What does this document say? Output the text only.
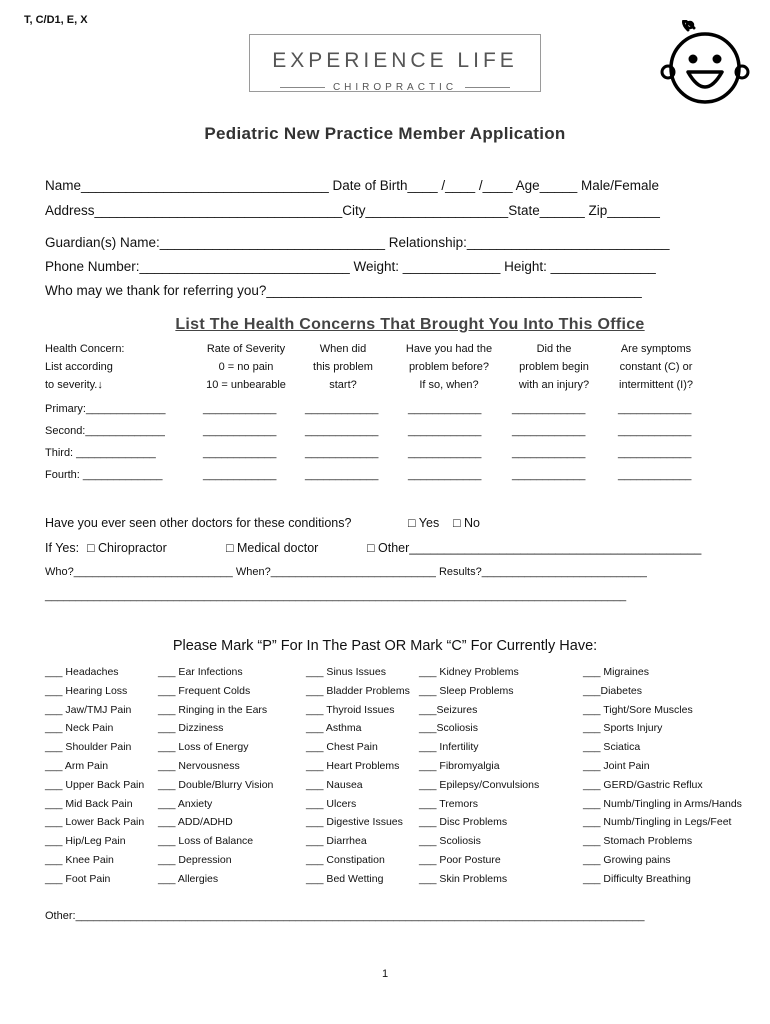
T, C/D1, E, X
EXPERIENCE LIFE
CHIROPRACTIC
Pediatric New Practice Member Application
Name_________________________________ Date of Birth____ /____ /____ Age_____ Male/Female
Address_________________________________City___________________State______ Zip_______
Guardian(s) Name:______________________________ Relationship:___________________________
Phone Number:____________________________ Weight: _____________ Height: ______________
Who may we thank for referring you?__________________________________________________
List The Health Concerns That Brought You Into This Office
Health Concern:
List according
to severity.↓
Rate of Severity
0 = no pain
10 = unbearable
When did
this problem
start?
Have you had the
problem before?
If so, when?
Did the
problem begin
with an injury?
Are symptoms
constant (C) or
intermittent (I)?
Primary:_____________	____________	____________	____________	____________	____________
Second:_____________	____________	____________	____________	____________	____________
Third: _____________	____________	____________	____________	____________	____________
Fourth: _____________	____________	____________	____________	____________	____________
Have you ever seen other doctors for these conditions?	□ Yes □ No
If Yes: □ Chiropractor	□ Medical doctor	□ Other__________________________________________
Who?__________________________ When?___________________________ Results?___________________________
_______________________________________________________________________________________________
Please Mark “P” For In The Past OR Mark “C” For Currently Have:
___ Headaches
___ Hearing Loss
___ Jaw/TMJ Pain
___ Neck Pain
___ Shoulder Pain
___ Arm Pain
___ Upper Back Pain
___ Mid Back Pain
___ Lower Back Pain
___ Hip/Leg Pain
___ Knee Pain
___ Foot Pain
___ Ear Infections
___ Frequent Colds
___ Ringing in the Ears
___ Dizziness
___ Loss of Energy
___ Nervousness
___ Double/Blurry Vision
___ Anxiety
___ ADD/ADHD
___ Loss of Balance
___ Depression
___ Allergies
___ Sinus Issues
___ Bladder Problems
___ Thyroid Issues
___ Asthma
___ Chest Pain
___ Heart Problems
___ Nausea
___ Ulcers
___ Digestive Issues
___ Diarrhea
___ Constipation
___ Bed Wetting
___ Kidney Problems
___ Sleep Problems
___Seizures
___Scoliosis
___ Infertility
___ Fibromyalgia
___ Epilepsy/Convulsions
___ Tremors
___ Disc Problems
___ Scoliosis
___ Poor Posture
___ Skin Problems
___ Migraines
___Diabetes
___ Tight/Sore Muscles
___ Sports Injury
___ Sciatica
___ Joint Pain
___ GERD/Gastric Reflux
___ Numb/Tingling in Arms/Hands
___ Numb/Tingling in Legs/Feet
___ Stomach Problems
___ Growing pains
___ Difficulty Breathing
Other:_____________________________________________________________________________________________
1
